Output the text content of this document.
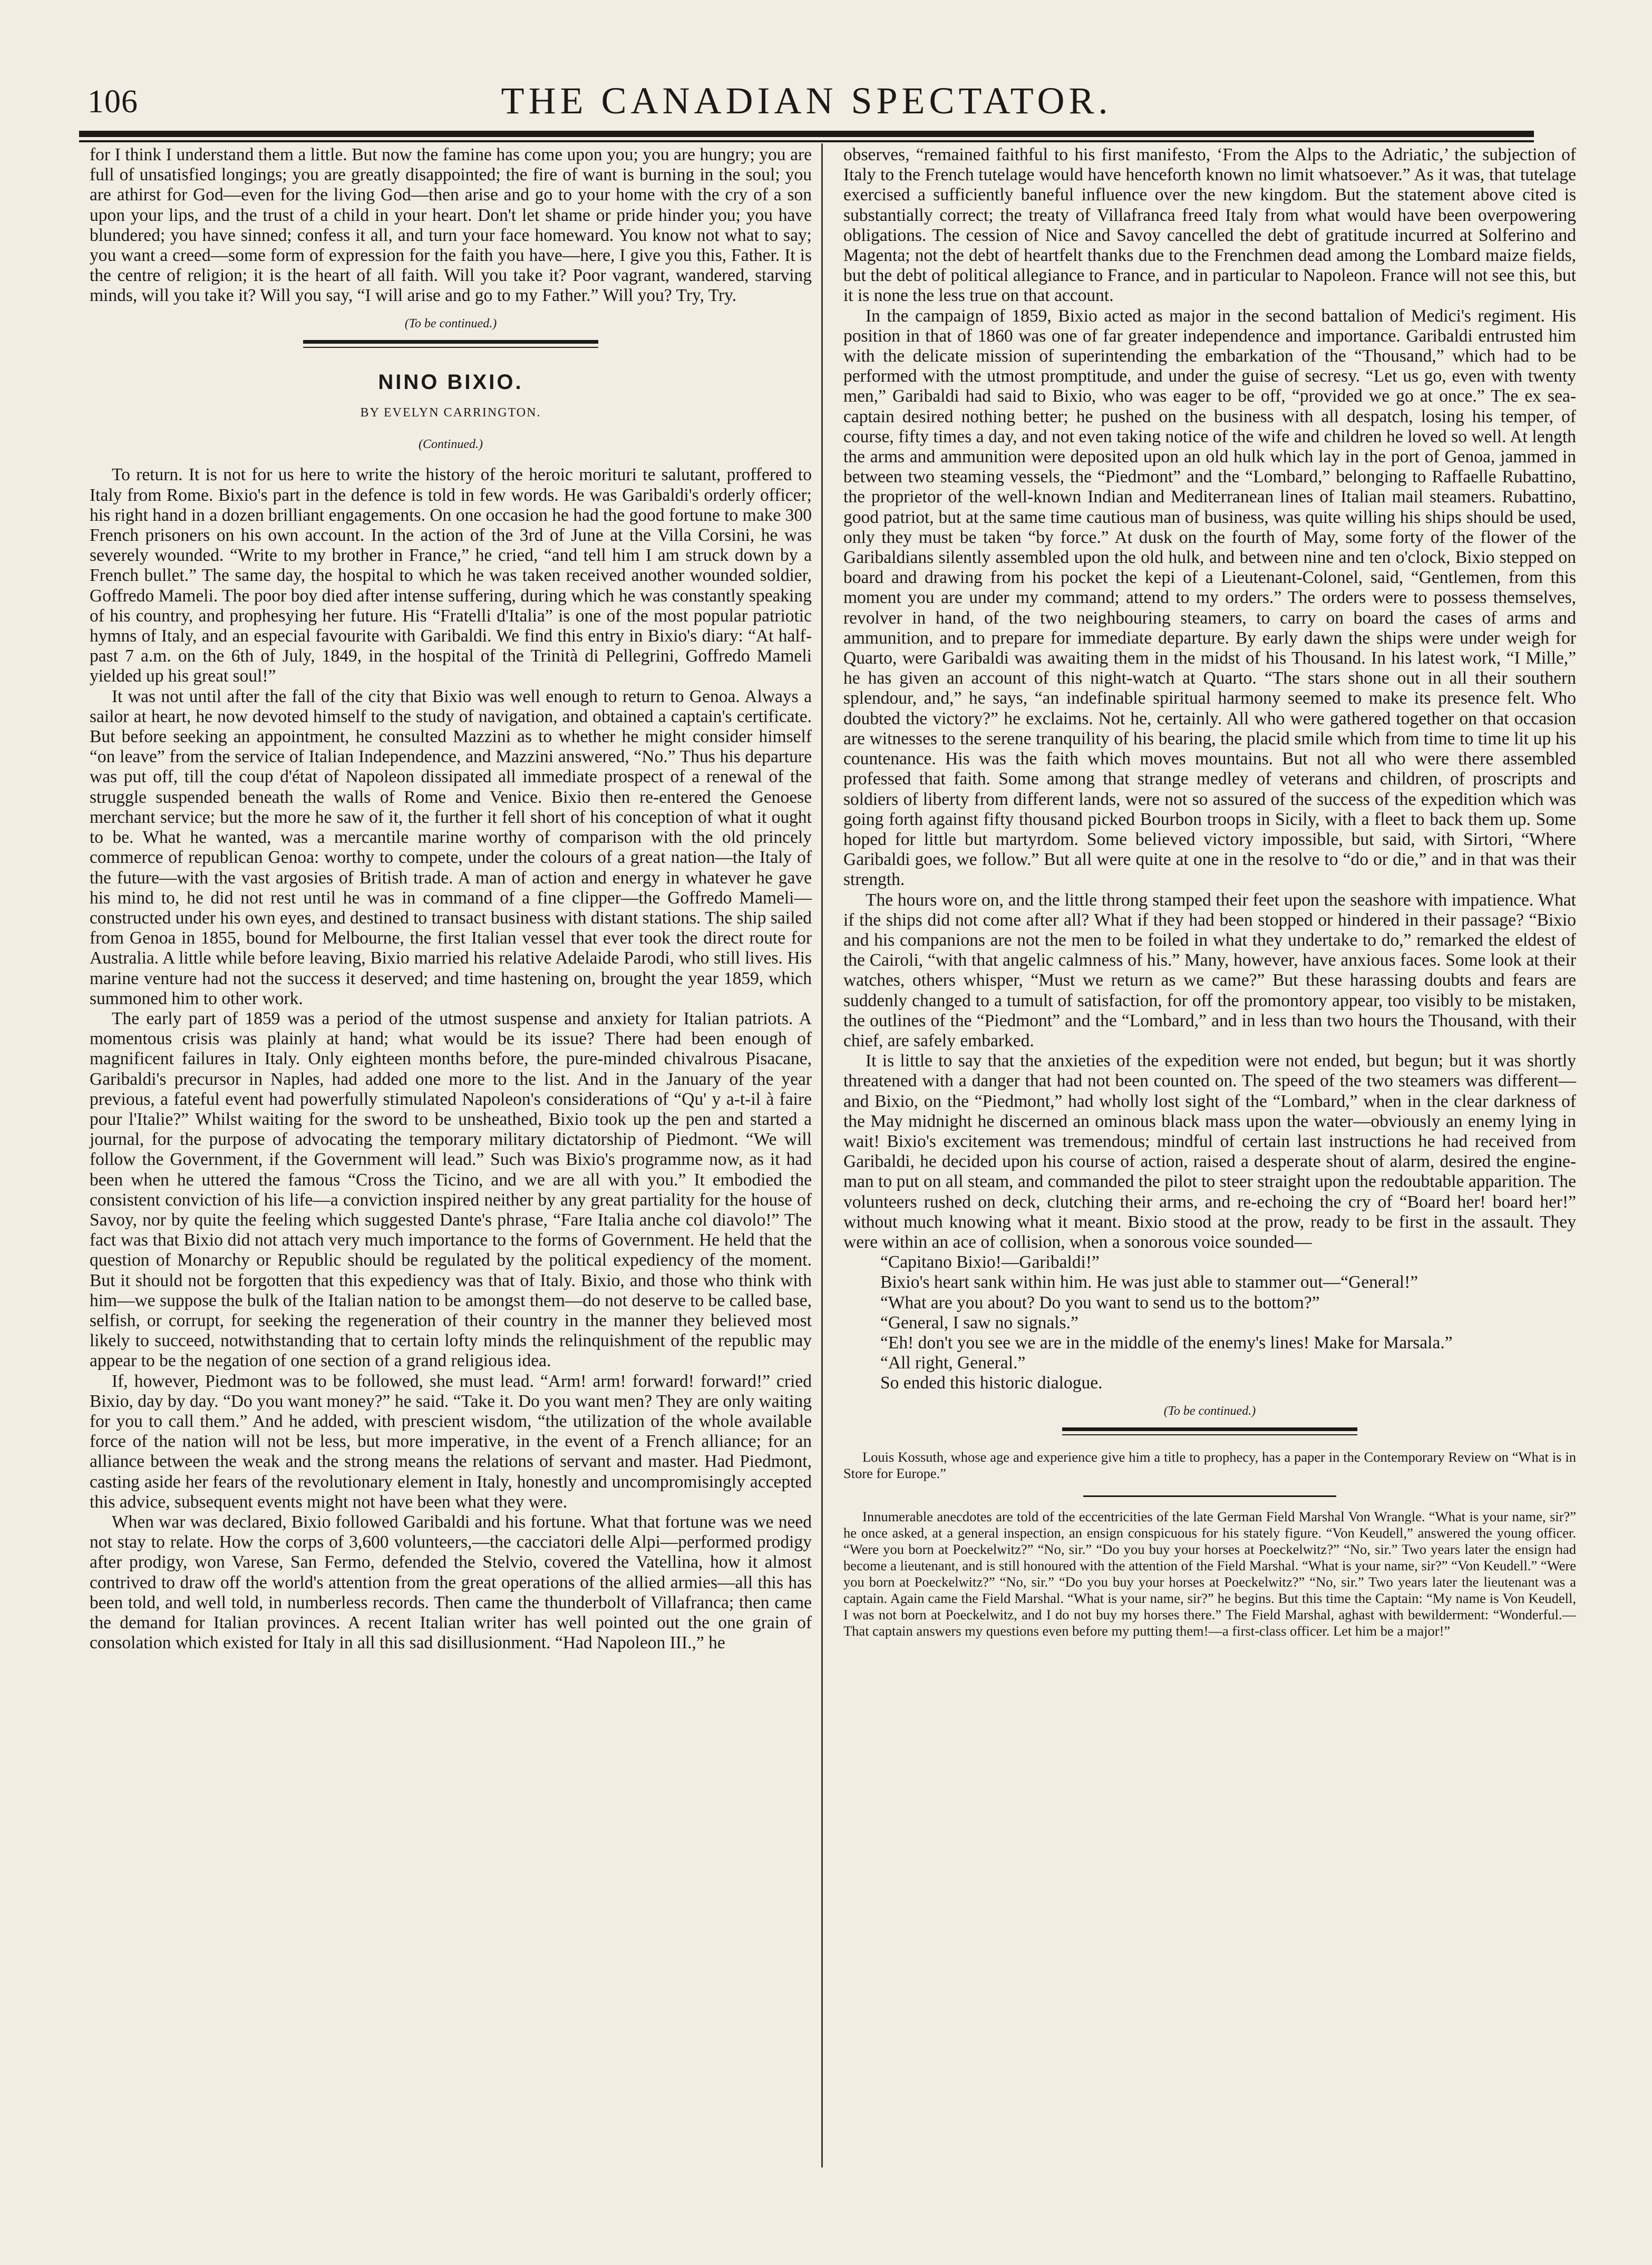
106	THE CANADIAN SPECTATOR.

for I think I understand them a little. But now the famine has come upon you; you are hungry; you are full of unsatisfied longings; you are greatly disappointed; the fire of want is burning in the soul; you are athirst for God—even for the living God—then arise and go to your home with the cry of a son upon your lips, and the trust of a child in your heart. Don't let shame or pride hinder you; you have blundered; you have sinned; confess it all, and turn your face homeward. You know not what to say; you want a creed—some form of expression for the faith you have—here, I give you this, Father. It is the centre of religion; it is the heart of all faith. Will you take it? Poor vagrant, wandered, starving minds, will you take it? Will you say, “I will arise and go to my Father.” Will you? Try, Try.

(To be continued.)
NINO BIXIO.
BY EVELYN CARRINGTON.
(Continued.)

To return. It is not for us here to write the history of the heroic morituri te salutant, proffered to Italy from Rome. Bixio's part in the defence is told in few words. He was Garibaldi's orderly officer; his right hand in a dozen brilliant engagements. On one occasion he had the good fortune to make 300 French prisoners on his own account. In the action of the 3rd of June at the Villa Corsini, he was severely wounded. “Write to my brother in France,” he cried, “and tell him I am struck down by a French bullet.” The same day, the hospital to which he was taken received another wounded soldier, Goffredo Mameli. The poor boy died after intense suffering, during which he was constantly speaking of his country, and prophesying her future. His “Fratelli d'Italia” is one of the most popular patriotic hymns of Italy, and an especial favourite with Garibaldi. We find this entry in Bixio's diary: “At half-past 7 a.m. on the 6th of July, 1849, in the hospital of the Trinità di Pellegrini, Goffredo Mameli yielded up his great soul!”

It was not until after the fall of the city that Bixio was well enough to return to Genoa. Always a sailor at heart, he now devoted himself to the study of navigation, and obtained a captain's certificate. But before seeking an appointment, he consulted Mazzini as to whether he might consider himself “on leave” from the service of Italian Independence, and Mazzini answered, “No.” Thus his departure was put off, till the coup d'état of Napoleon dissipated all immediate prospect of a renewal of the struggle suspended beneath the walls of Rome and Venice. Bixio then re-entered the Genoese merchant service; but the more he saw of it, the further it fell short of his conception of what it ought to be. What he wanted, was a mercantile marine worthy of comparison with the old princely commerce of republican Genoa: worthy to compete, under the colours of a great nation—the Italy of the future—with the vast argosies of British trade. A man of action and energy in whatever he gave his mind to, he did not rest until he was in command of a fine clipper—the Goffredo Mameli—constructed under his own eyes, and destined to transact business with distant stations. The ship sailed from Genoa in 1855, bound for Melbourne, the first Italian vessel that ever took the direct route for Australia. A little while before leaving, Bixio married his relative Adelaide Parodi, who still lives. His marine venture had not the success it deserved; and time hastening on, brought the year 1859, which summoned him to other work.

The early part of 1859 was a period of the utmost suspense and anxiety for Italian patriots. A momentous crisis was plainly at hand; what would be its issue? There had been enough of magnificent failures in Italy. Only eighteen months before, the pure-minded chivalrous Pisacane, Garibaldi's precursor in Naples, had added one more to the list. And in the January of the year previous, a fateful event had powerfully stimulated Napoleon's considerations of “Qu' y a-t-il à faire pour l'Italie?” Whilst waiting for the sword to be unsheathed, Bixio took up the pen and started a journal, for the purpose of advocating the temporary military dictatorship of Piedmont. “We will follow the Government, if the Government will lead.” Such was Bixio's programme now, as it had been when he uttered the famous “Cross the Ticino, and we are all with you.” It embodied the consistent conviction of his life—a conviction inspired neither by any great partiality for the house of Savoy, nor by quite the feeling which suggested Dante's phrase, “Fare Italia anche col diavolo!” The fact was that Bixio did not attach very much importance to the forms of Government. He held that the question of Monarchy or Republic should be regulated by the political expediency of the moment. But it should not be forgotten that this expediency was that of Italy. Bixio, and those who think with him—we suppose the bulk of the Italian nation to be amongst them—do not deserve to be called base, selfish, or corrupt, for seeking the regeneration of their country in the manner they believed most likely to succeed, notwithstanding that to certain lofty minds the relinquishment of the republic may appear to be the negation of one section of a grand religious idea.

If, however, Piedmont was to be followed, she must lead. “Arm! arm! forward! forward!” cried Bixio, day by day. “Do you want money?” he said. “Take it. Do you want men? They are only waiting for you to call them.” And he added, with prescient wisdom, “the utilization of the whole available force of the nation will not be less, but more imperative, in the event of a French alliance; for an alliance between the weak and the strong means the relations of servant and master. Had Piedmont, casting aside her fears of the revolutionary element in Italy, honestly and uncompromisingly accepted this advice, subsequent events might not have been what they were.

When war was declared, Bixio followed Garibaldi and his fortune. What that fortune was we need not stay to relate. How the corps of 3,600 volunteers,—the cacciatori delle Alpi—performed prodigy after prodigy, won Varese, San Fermo, defended the Stelvio, covered the Vatellina, how it almost contrived to draw off the world's attention from the great operations of the allied armies—all this has been told, and well told, in numberless records. Then came the thunderbolt of Villafranca; then came the demand for Italian provinces. A recent Italian writer has well pointed out the one grain of consolation which existed for Italy in all this sad disillusionment. “Had Napoleon III.,” he

observes, “remained faithful to his first manifesto, ‘From the Alps to the Adriatic,’ the subjection of Italy to the French tutelage would have henceforth known no limit whatsoever.” As it was, that tutelage exercised a sufficiently baneful influence over the new kingdom. But the statement above cited is substantially correct; the treaty of Villafranca freed Italy from what would have been overpowering obligations. The cession of Nice and Savoy cancelled the debt of gratitude incurred at Solferino and Magenta; not the debt of heartfelt thanks due to the Frenchmen dead among the Lombard maize fields, but the debt of political allegiance to France, and in particular to Napoleon. France will not see this, but it is none the less true on that account.

In the campaign of 1859, Bixio acted as major in the second battalion of Medici's regiment. His position in that of 1860 was one of far greater independence and importance. Garibaldi entrusted him with the delicate mission of superintending the embarkation of the “Thousand,” which had to be performed with the utmost promptitude, and under the guise of secresy. “Let us go, even with twenty men,” Garibaldi had said to Bixio, who was eager to be off, “provided we go at once.” The ex sea-captain desired nothing better; he pushed on the business with all despatch, losing his temper, of course, fifty times a day, and not even taking notice of the wife and children he loved so well. At length the arms and ammunition were deposited upon an old hulk which lay in the port of Genoa, jammed in between two steaming vessels, the “Piedmont” and the “Lombard,” belonging to Raffaelle Rubattino, the proprietor of the well-known Indian and Mediterranean lines of Italian mail steamers. Rubattino, good patriot, but at the same time cautious man of business, was quite willing his ships should be used, only they must be taken “by force.” At dusk on the fourth of May, some forty of the flower of the Garibaldians silently assembled upon the old hulk, and between nine and ten o'clock, Bixio stepped on board and drawing from his pocket the kepi of a Lieutenant-Colonel, said, “Gentlemen, from this moment you are under my command; attend to my orders.” The orders were to possess themselves, revolver in hand, of the two neighbouring steamers, to carry on board the cases of arms and ammunition, and to prepare for immediate departure. By early dawn the ships were under weigh for Quarto, were Garibaldi was awaiting them in the midst of his Thousand. In his latest work, “I Mille,” he has given an account of this night-watch at Quarto. “The stars shone out in all their southern splendour, and,” he says, “an indefinable spiritual harmony seemed to make its presence felt. Who doubted the victory?” he exclaims. Not he, certainly. All who were gathered together on that occasion are witnesses to the serene tranquility of his bearing, the placid smile which from time to time lit up his countenance. His was the faith which moves mountains. But not all who were there assembled professed that faith. Some among that strange medley of veterans and children, of proscripts and soldiers of liberty from different lands, were not so assured of the success of the expedition which was going forth against fifty thousand picked Bourbon troops in Sicily, with a fleet to back them up. Some hoped for little but martyrdom. Some believed victory impossible, but said, with Sirtori, “Where Garibaldi goes, we follow.” But all were quite at one in the resolve to “do or die,” and in that was their strength.

The hours wore on, and the little throng stamped their feet upon the seashore with impatience. What if the ships did not come after all? What if they had been stopped or hindered in their passage? “Bixio and his companions are not the men to be foiled in what they undertake to do,” remarked the eldest of the Cairoli, “with that angelic calmness of his.” Many, however, have anxious faces. Some look at their watches, others whisper, “Must we return as we came?” But these harassing doubts and fears are suddenly changed to a tumult of satisfaction, for off the promontory appear, too visibly to be mistaken, the outlines of the “Piedmont” and the “Lombard,” and in less than two hours the Thousand, with their chief, are safely embarked.

It is little to say that the anxieties of the expedition were not ended, but begun; but it was shortly threatened with a danger that had not been counted on. The speed of the two steamers was different—and Bixio, on the “Piedmont,” had wholly lost sight of the “Lombard,” when in the clear darkness of the May midnight he discerned an ominous black mass upon the water—obviously an enemy lying in wait! Bixio's excitement was tremendous; mindful of certain last instructions he had received from Garibaldi, he decided upon his course of action, raised a desperate shout of alarm, desired the engine-man to put on all steam, and commanded the pilot to steer straight upon the redoubtable apparition. The volunteers rushed on deck, clutching their arms, and re-echoing the cry of “Board her! board her!” without much knowing what it meant. Bixio stood at the prow, ready to be first in the assault. They were within an ace of collision, when a sonorous voice sounded—

“Capitano Bixio!—Garibaldi!”

Bixio's heart sank within him. He was just able to stammer out—“General!”

“What are you about? Do you want to send us to the bottom?”

“General, I saw no signals.”

“Eh! don't you see we are in the middle of the enemy's lines! Make for Marsala.”

“All right, General.”

So ended this historic dialogue.

(To be continued.)

Louis Kossuth, whose age and experience give him a title to prophecy, has a paper in the Contemporary Review on “What is in Store for Europe.”

Innumerable anecdotes are told of the eccentricities of the late German Field Marshal Von Wrangle. “What is your name, sir?” he once asked, at a general inspection, an ensign conspicuous for his stately figure. “Von Keudell,” answered the young officer. “Were you born at Poeckelwitz?” “No, sir.” “Do you buy your horses at Poeckelwitz?” “No, sir.” Two years later the ensign had become a lieutenant, and is still honoured with the attention of the Field Marshal. “What is your name, sir?” “Von Keudell.” “Were you born at Poeckelwitz?” “No, sir.” “Do you buy your horses at Poeckelwitz?” “No, sir.” Two years later the lieutenant was a captain. Again came the Field Marshal. “What is your name, sir?” he begins. But this time the Captain: “My name is Von Keudell, I was not born at Poeckelwitz, and I do not buy my horses there.” The Field Marshal, aghast with bewilderment: “Wonderful.—That captain answers my questions even before my putting them!—a first-class officer. Let him be a major!”
